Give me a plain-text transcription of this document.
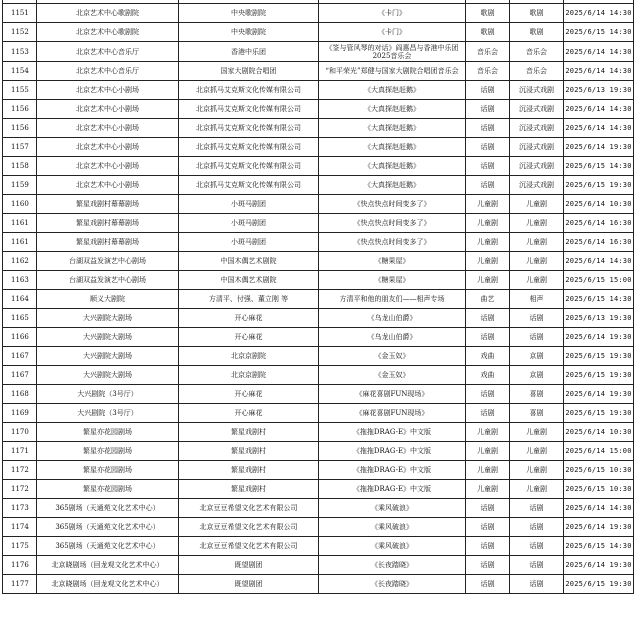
1151	北京艺术中心歌剧院	中央歌剧院	《卡门》	歌剧	歌剧	2025/6/14 14:30
1152	北京艺术中心歌剧院	中央歌剧院	《卡门》	歌剧	歌剧	2025/6/15 14:30
1153	北京艺术中心音乐厅	香港中乐团	《筌与管风琴的对话》阎惠昌与香港中乐团2025音乐会	音乐会	音乐会	2025/6/14 14:30
1154	北京艺术中心音乐厅	国家大剧院合唱团	“和平荣光”郑健与国家大剧院合唱团音乐会	音乐会	音乐会	2025/6/14 14:30
1155	北京艺术中心小剧场	北京抓马艾克斯文化传媒有限公司	《大真探赵赶鹅》	话剧	沉浸式戏剧	2025/6/13 19:30
1156	北京艺术中心小剧场	北京抓马艾克斯文化传媒有限公司	《大真探赵赶鹅》	话剧	沉浸式戏剧	2025/6/14 14:30
1156	北京艺术中心小剧场	北京抓马艾克斯文化传媒有限公司	《大真探赵赶鹅》	话剧	沉浸式戏剧	2025/6/14 14:30
1157	北京艺术中心小剧场	北京抓马艾克斯文化传媒有限公司	《大真探赵赶鹅》	话剧	沉浸式戏剧	2025/6/14 19:30
1158	北京艺术中心小剧场	北京抓马艾克斯文化传媒有限公司	《大真探赵赶鹅》	话剧	沉浸式戏剧	2025/6/15 14:30
1159	北京艺术中心小剧场	北京抓马艾克斯文化传媒有限公司	《大真探赵赶鹅》	话剧	沉浸式戏剧	2025/6/15 19:30
1160	繁星戏剧村幕幕剧场	小斑马剧团	《快点快点时间变多了》	儿童剧	儿童剧	2025/6/14 10:30
1161	繁星戏剧村幕幕剧场	小斑马剧团	《快点快点时间变多了》	儿童剧	儿童剧	2025/6/14 16:30
1161	繁星戏剧村幕幕剧场	小斑马剧团	《快点快点时间变多了》	儿童剧	儿童剧	2025/6/14 16:30
1162	台湖双益发演艺中心剧场	中国木偶艺术剧院	《糖果屋》	儿童剧	儿童剧	2025/6/14 14:30
1163	台湖双益发演艺中心剧场	中国木偶艺术剧院	《糖果屋》	儿童剧	儿童剧	2025/6/15 15:00
1164	顺义大剧院	方清平、付强、董立刚 等	方清平和他的朋友们——相声专场	曲艺	相声	2025/6/15 14:30
1165	大兴剧院大剧场	开心麻花	《乌龙山伯爵》	话剧	话剧	2025/6/13 19:30
1166	大兴剧院大剧场	开心麻花	《乌龙山伯爵》	话剧	话剧	2025/6/14 19:30
1167	大兴剧院大剧场	北京京剧院	《金玉奴》	戏曲	京剧	2025/6/15 19:30
1167	大兴剧院大剧场	北京京剧院	《金玉奴》	戏曲	京剧	2025/6/15 19:30
1168	大兴剧院（3号厅）	开心麻花	《麻花喜剧FUN现场》	话剧	喜剧	2025/6/14 19:30
1169	大兴剧院（3号厅）	开心麻花	《麻花喜剧FUN现场》	话剧	喜剧	2025/6/15 19:30
1170	繁星亦花园剧场	繁星戏剧村	《拖拖DRAG-E》中文版	儿童剧	儿童剧	2025/6/14 10:30
1171	繁星亦花园剧场	繁星戏剧村	《拖拖DRAG-E》中文版	儿童剧	儿童剧	2025/6/14 15:00
1172	繁星亦花园剧场	繁星戏剧村	《拖拖DRAG-E》中文版	儿童剧	儿童剧	2025/6/15 10:30
1172	繁星亦花园剧场	繁星戏剧村	《拖拖DRAG-E》中文版	儿童剧	儿童剧	2025/6/15 10:30
1173	365剧场（天通苑文化艺术中心）	北京豆豆希望文化艺术有限公司	《乘风破浪》	话剧	话剧	2025/6/14 14:30
1174	365剧场（天通苑文化艺术中心）	北京豆豆希望文化艺术有限公司	《乘风破浪》	话剧	话剧	2025/6/14 19:30
1175	365剧场（天通苑文化艺术中心）	北京豆豆希望文化艺术有限公司	《乘风破浪》	话剧	话剧	2025/6/15 14:30
1176	北京晓剧场（回龙观文化艺术中心）	既望剧团	《长夜踏晓》	话剧	话剧	2025/6/14 19:30
1177	北京晓剧场（回龙观文化艺术中心）	既望剧团	《长夜踏晓》	话剧	话剧	2025/6/15 19:30
